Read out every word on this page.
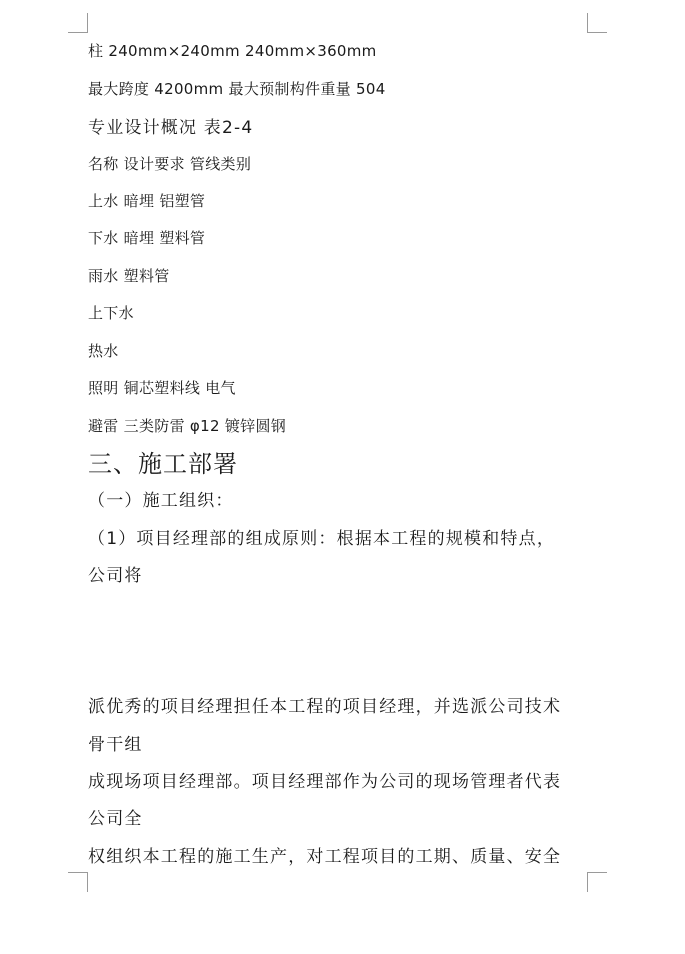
柱 240mm×240mm 240mm×360mm
最大跨度 4200mm 最大预制构件重量 504
专业设计概况 表2-4
名称 设计要求 管线类别
上水 暗埋 铝塑管
下水 暗埋 塑料管
雨水 塑料管
上下水
热水
照明 铜芯塑料线 电气
避雷 三类防雷 φ12 镀锌圆钢
三、施工部署
（一）施工组织：
（1）项目经理部的组成原则：根据本工程的规模和特点，
公司将
派优秀的项目经理担任本工程的项目经理，并选派公司技术
骨干组
成现场项目经理部。项目经理部作为公司的现场管理者代表
公司全
权组织本工程的施工生产，对工程项目的工期、质量、安全
